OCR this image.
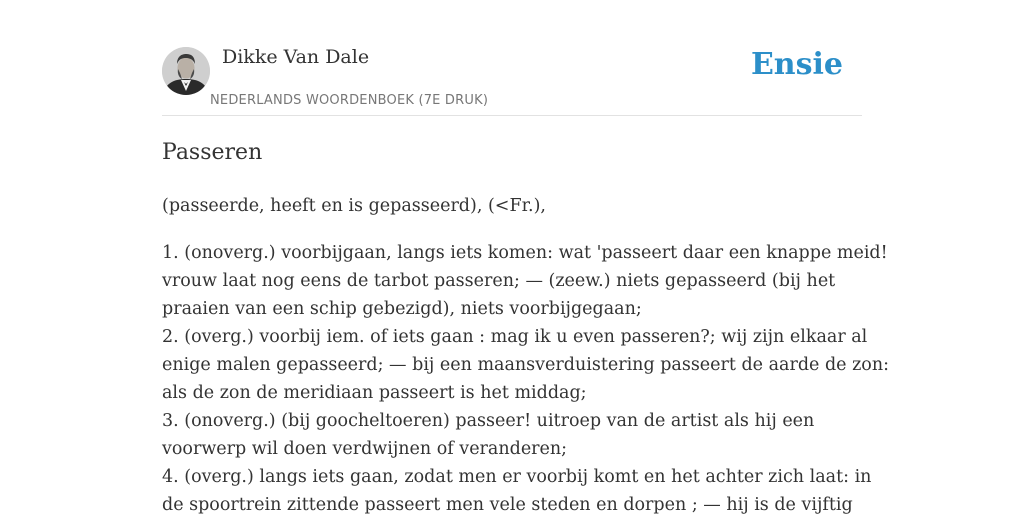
Dikke Van Dale
NEDERLANDS WOORDENBOEK (7E DRUK)
Ensie
Passeren
(passeerde, heeft en is gepasseerd), (<Fr.),
1. (onoverg.) voorbijgaan, langs iets komen: wat 'passeert daar een knappe meid!
vrouw laat nog eens de tarbot passeren; — (zeew.) niets gepasseerd (bij het
praaien van een schip gebezigd), niets voorbijgegaan;
2. (overg.) voorbij iem. of iets gaan : mag ik u even passeren?; wij zijn elkaar al
enige malen gepasseerd; — bij een maansverduistering passeert de aarde de zon:
als de zon de meridiaan passeert is het middag;
3. (onoverg.) (bij goocheltoeren) passeer! uitroep van de artist als hij een
voorwerp wil doen verdwijnen of veranderen;
4. (overg.) langs iets gaan, zodat men er voorbij komt en het achter zich laat: in
de spoortrein zittende passeert men vele steden en dorpen ; — hij is de vijftig
